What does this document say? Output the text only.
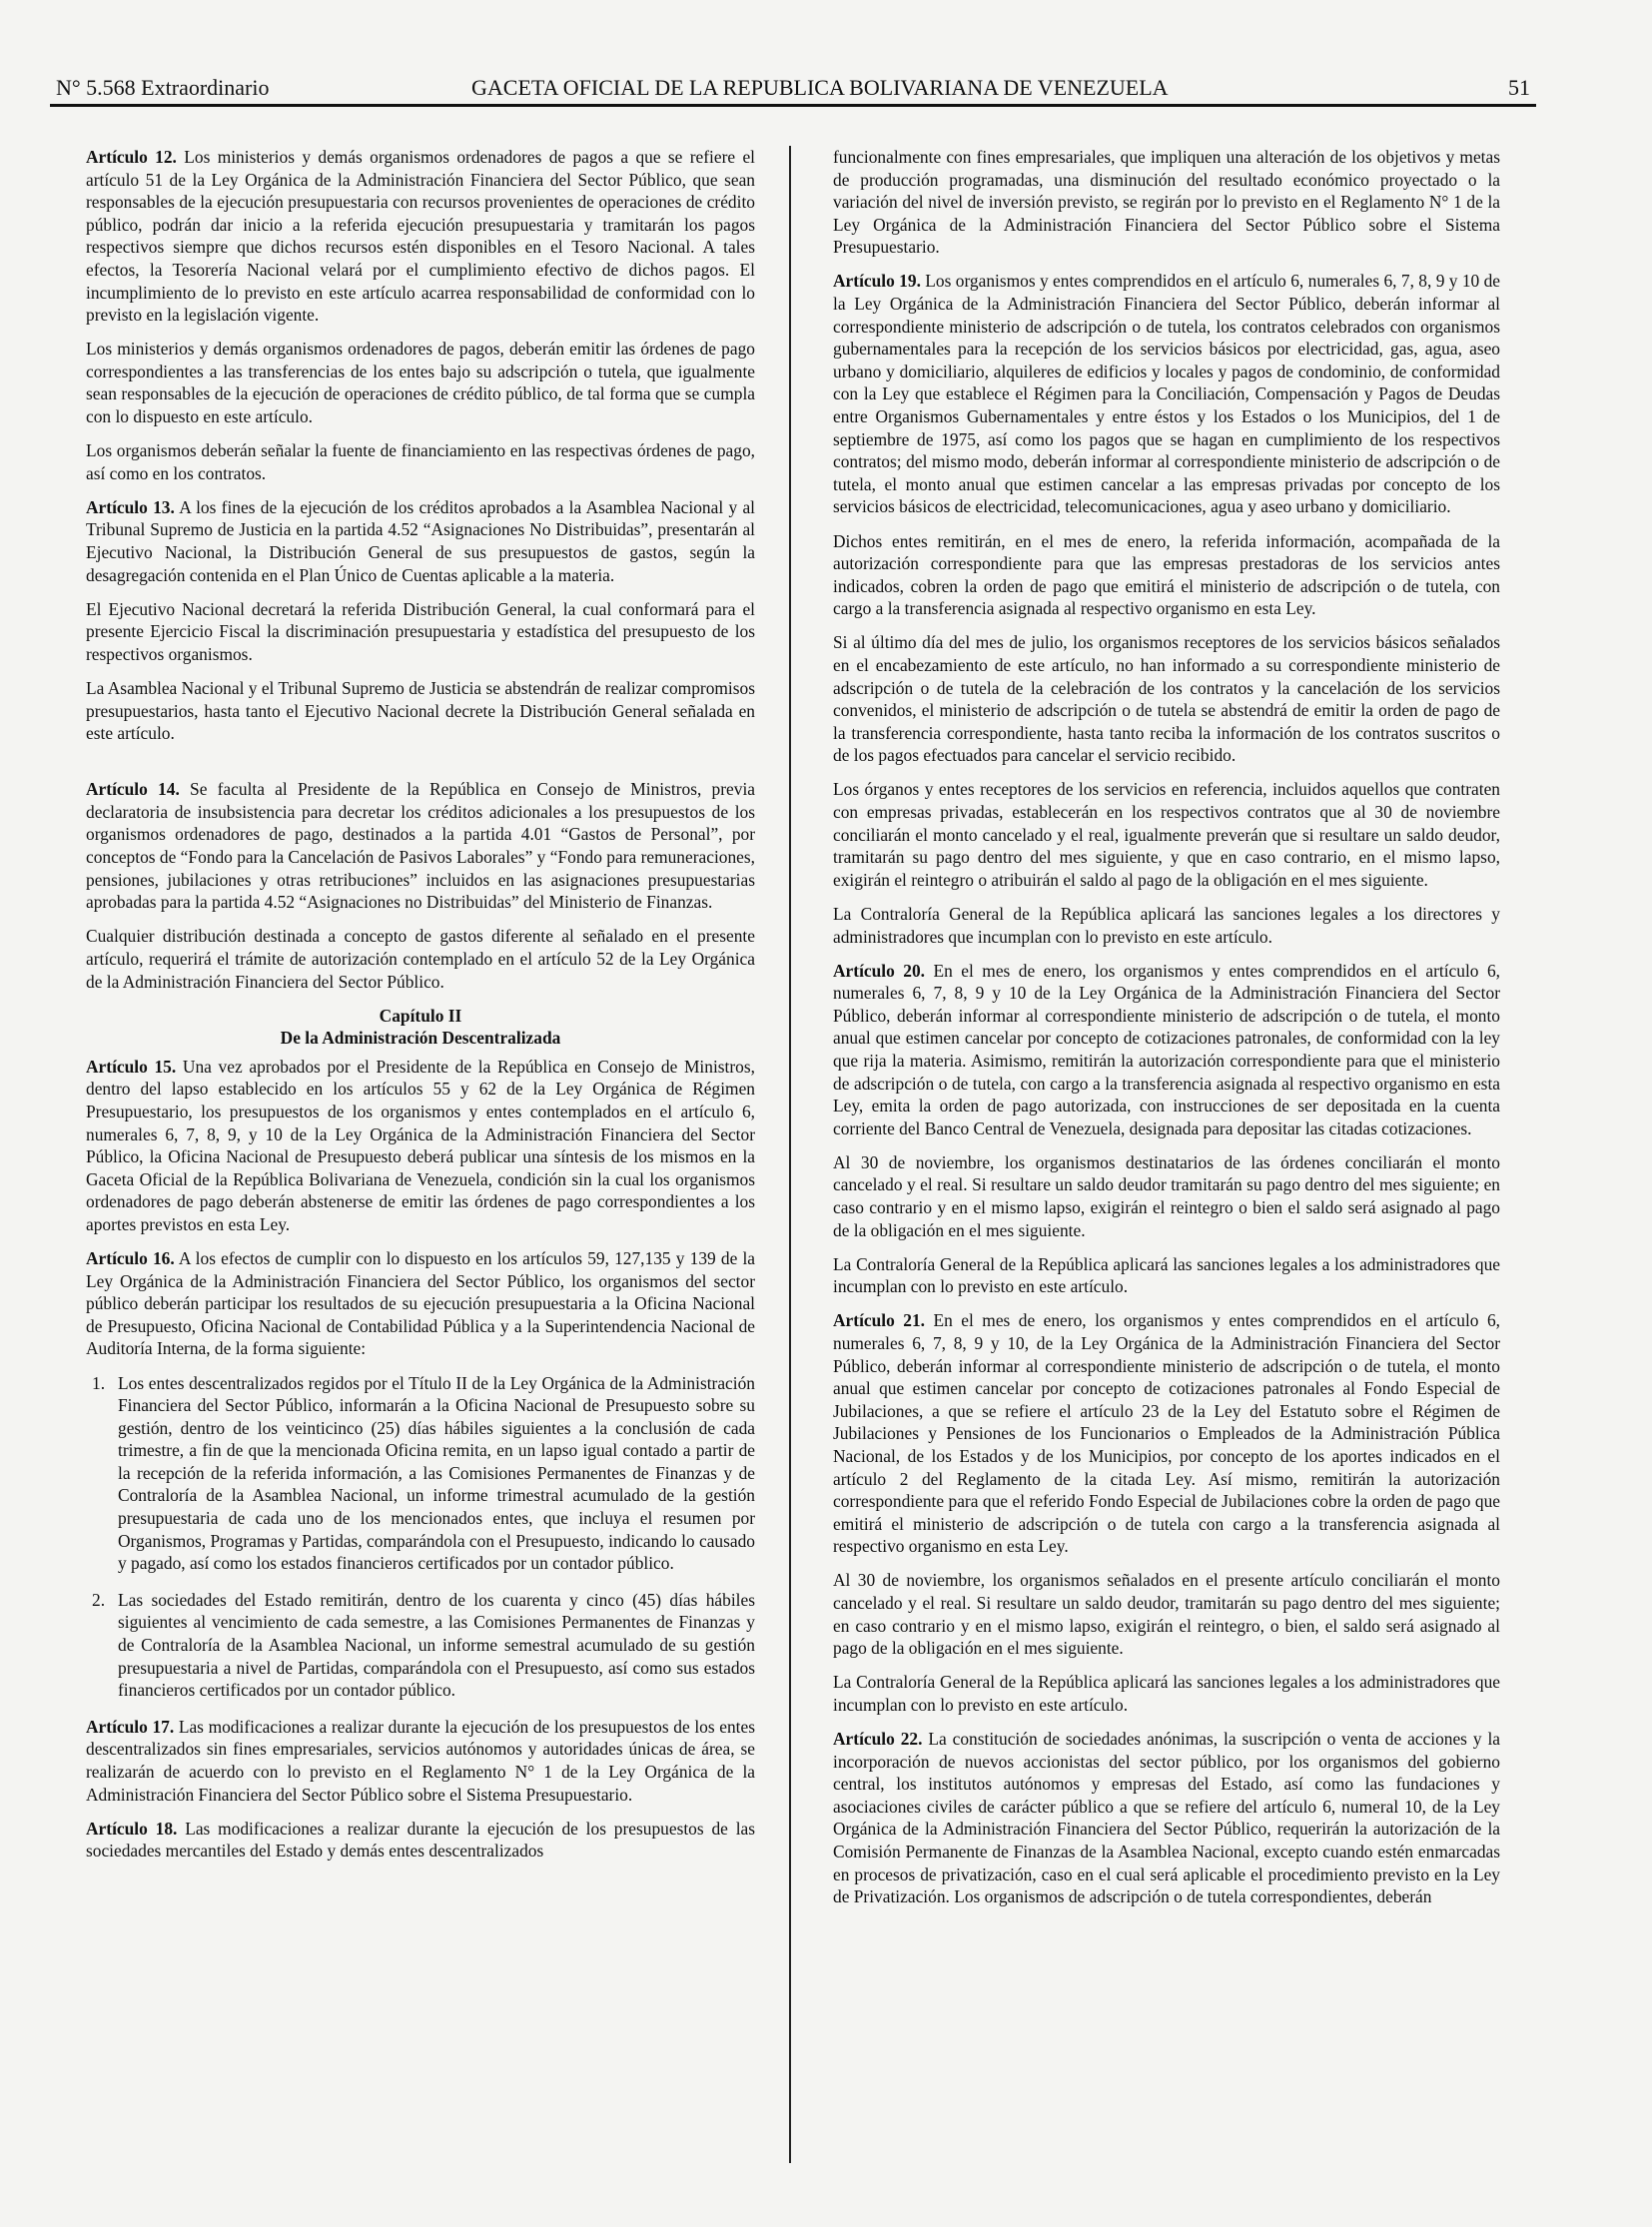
N° 5.568 Extraordinario	GACETA OFICIAL DE LA REPUBLICA BOLIVARIANA DE VENEZUELA	51

Artículo 12. Los ministerios y demás organismos ordenadores de pagos a que se refiere el artículo 51 de la Ley Orgánica de la Administración Financiera del Sector Público, que sean responsables de la ejecución presupuestaria con recursos provenientes de operaciones de crédito público, podrán dar inicio a la referida ejecución presupuestaria y tramitarán los pagos respectivos siempre que dichos recursos estén disponibles en el Tesoro Nacional. A tales efectos, la Tesorería Nacional velará por el cumplimiento efectivo de dichos pagos. El incumplimiento de lo previsto en este artículo acarrea responsabilidad de conformidad con lo previsto en la legislación vigente.

Los ministerios y demás organismos ordenadores de pagos, deberán emitir las órdenes de pago correspondientes a las transferencias de los entes bajo su adscripción o tutela, que igualmente sean responsables de la ejecución de operaciones de crédito público, de tal forma que se cumpla con lo dispuesto en este artículo.

Los organismos deberán señalar la fuente de financiamiento en las respectivas órdenes de pago, así como en los contratos.

Artículo 13. A los fines de la ejecución de los créditos aprobados a la Asamblea Nacional y al Tribunal Supremo de Justicia en la partida 4.52 “Asignaciones No Distribuidas”, presentarán al Ejecutivo Nacional, la Distribución General de sus presupuestos de gastos, según la desagregación contenida en el Plan Único de Cuentas aplicable a la materia.

El Ejecutivo Nacional decretará la referida Distribución General, la cual conformará para el presente Ejercicio Fiscal la discriminación presupuestaria y estadística del presupuesto de los respectivos organismos.

La Asamblea Nacional y el Tribunal Supremo de Justicia se abstendrán de realizar compromisos presupuestarios, hasta tanto el Ejecutivo Nacional decrete la Distribución General señalada en este artículo.

Artículo 14. Se faculta al Presidente de la República en Consejo de Ministros, previa declaratoria de insubsistencia para decretar los créditos adicionales a los presupuestos de los organismos ordenadores de pago, destinados a la partida 4.01 “Gastos de Personal”, por conceptos de “Fondo para la Cancelación de Pasivos Laborales” y “Fondo para remuneraciones, pensiones, jubilaciones y otras retribuciones” incluidos en las asignaciones presupuestarias aprobadas para la partida 4.52 “Asignaciones no Distribuidas” del Ministerio de Finanzas.

Cualquier distribución destinada a concepto de gastos diferente al señalado en el presente artículo, requerirá el trámite de autorización contemplado en el artículo 52 de la Ley Orgánica de la Administración Financiera del Sector Público.

Capítulo II
De la Administración Descentralizada

Artículo 15. Una vez aprobados por el Presidente de la República en Consejo de Ministros, dentro del lapso establecido en los artículos 55 y 62 de la Ley Orgánica de Régimen Presupuestario, los presupuestos de los organismos y entes contemplados en el artículo 6, numerales 6, 7, 8, 9, y 10 de la Ley Orgánica de la Administración Financiera del Sector Público, la Oficina Nacional de Presupuesto deberá publicar una síntesis de los mismos en la Gaceta Oficial de la República Bolivariana de Venezuela, condición sin la cual los organismos ordenadores de pago deberán abstenerse de emitir las órdenes de pago correspondientes a los aportes previstos en esta Ley.

Artículo 16. A los efectos de cumplir con lo dispuesto en los artículos 59, 127,135 y 139 de la Ley Orgánica de la Administración Financiera del Sector Público, los organismos del sector público deberán participar los resultados de su ejecución presupuestaria a la Oficina Nacional de Presupuesto, Oficina Nacional de Contabilidad Pública y a la Superintendencia Nacional de Auditoría Interna, de la forma siguiente:

1. Los entes descentralizados regidos por el Título II de la Ley Orgánica de la Administración Financiera del Sector Público, informarán a la Oficina Nacional de Presupuesto sobre su gestión, dentro de los veinticinco (25) días hábiles siguientes a la conclusión de cada trimestre, a fin de que la mencionada Oficina remita, en un lapso igual contado a partir de la recepción de la referida información, a las Comisiones Permanentes de Finanzas y de Contraloría de la Asamblea Nacional, un informe trimestral acumulado de la gestión presupuestaria de cada uno de los mencionados entes, que incluya el resumen por Organismos, Programas y Partidas, comparándola con el Presupuesto, indicando lo causado y pagado, así como los estados financieros certificados por un contador público.
2. Las sociedades del Estado remitirán, dentro de los cuarenta y cinco (45) días hábiles siguientes al vencimiento de cada semestre, a las Comisiones Permanentes de Finanzas y de Contraloría de la Asamblea Nacional, un informe semestral acumulado de su gestión presupuestaria a nivel de Partidas, comparándola con el Presupuesto, así como sus estados financieros certificados por un contador público.

Artículo 17. Las modificaciones a realizar durante la ejecución de los presupuestos de los entes descentralizados sin fines empresariales, servicios autónomos y autoridades únicas de área, se realizarán de acuerdo con lo previsto en el Reglamento N° 1 de la Ley Orgánica de la Administración Financiera del Sector Público sobre el Sistema Presupuestario.

Artículo 18. Las modificaciones a realizar durante la ejecución de los presupuestos de las sociedades mercantiles del Estado y demás entes descentralizados

funcionalmente con fines empresariales, que impliquen una alteración de los objetivos y metas de producción programadas, una disminución del resultado económico proyectado o la variación del nivel de inversión previsto, se regirán por lo previsto en el Reglamento N° 1 de la Ley Orgánica de la Administración Financiera del Sector Público sobre el Sistema Presupuestario.

Artículo 19. Los organismos y entes comprendidos en el artículo 6, numerales 6, 7, 8, 9 y 10 de la Ley Orgánica de la Administración Financiera del Sector Público, deberán informar al correspondiente ministerio de adscripción o de tutela, los contratos celebrados con organismos gubernamentales para la recepción de los servicios básicos por electricidad, gas, agua, aseo urbano y domiciliario, alquileres de edificios y locales y pagos de condominio, de conformidad con la Ley que establece el Régimen para la Conciliación, Compensación y Pagos de Deudas entre Organismos Gubernamentales y entre éstos y los Estados o los Municipios, del 1 de septiembre de 1975, así como los pagos que se hagan en cumplimiento de los respectivos contratos; del mismo modo, deberán informar al correspondiente ministerio de adscripción o de tutela, el monto anual que estimen cancelar a las empresas privadas por concepto de los servicios básicos de electricidad, telecomunicaciones, agua y aseo urbano y domiciliario.

Dichos entes remitirán, en el mes de enero, la referida información, acompañada de la autorización correspondiente para que las empresas prestadoras de los servicios antes indicados, cobren la orden de pago que emitirá el ministerio de adscripción o de tutela, con cargo a la transferencia asignada al respectivo organismo en esta Ley.

Si al último día del mes de julio, los organismos receptores de los servicios básicos señalados en el encabezamiento de este artículo, no han informado a su correspondiente ministerio de adscripción o de tutela de la celebración de los contratos y la cancelación de los servicios convenidos, el ministerio de adscripción o de tutela se abstendrá de emitir la orden de pago de la transferencia correspondiente, hasta tanto reciba la información de los contratos suscritos o de los pagos efectuados para cancelar el servicio recibido.

Los órganos y entes receptores de los servicios en referencia, incluidos aquellos que contraten con empresas privadas, establecerán en los respectivos contratos que al 30 de noviembre conciliarán el monto cancelado y el real, igualmente preverán que si resultare un saldo deudor, tramitarán su pago dentro del mes siguiente, y que en caso contrario, en el mismo lapso, exigirán el reintegro o atribuirán el saldo al pago de la obligación en el mes siguiente.

La Contraloría General de la República aplicará las sanciones legales a los directores y administradores que incumplan con lo previsto en este artículo.

Artículo 20. En el mes de enero, los organismos y entes comprendidos en el artículo 6, numerales 6, 7, 8, 9 y 10 de la Ley Orgánica de la Administración Financiera del Sector Público, deberán informar al correspondiente ministerio de adscripción o de tutela, el monto anual que estimen cancelar por concepto de cotizaciones patronales, de conformidad con la ley que rija la materia. Asimismo, remitirán la autorización correspondiente para que el ministerio de adscripción o de tutela, con cargo a la transferencia asignada al respectivo organismo en esta Ley, emita la orden de pago autorizada, con instrucciones de ser depositada en la cuenta corriente del Banco Central de Venezuela, designada para depositar las citadas cotizaciones.

Al 30 de noviembre, los organismos destinatarios de las órdenes conciliarán el monto cancelado y el real. Si resultare un saldo deudor tramitarán su pago dentro del mes siguiente; en caso contrario y en el mismo lapso, exigirán el reintegro o bien el saldo será asignado al pago de la obligación en el mes siguiente.

La Contraloría General de la República aplicará las sanciones legales a los administradores que incumplan con lo previsto en este artículo.

Artículo 21. En el mes de enero, los organismos y entes comprendidos en el artículo 6, numerales 6, 7, 8, 9 y 10, de la Ley Orgánica de la Administración Financiera del Sector Público, deberán informar al correspondiente ministerio de adscripción o de tutela, el monto anual que estimen cancelar por concepto de cotizaciones patronales al Fondo Especial de Jubilaciones, a que se refiere el artículo 23 de la Ley del Estatuto sobre el Régimen de Jubilaciones y Pensiones de los Funcionarios o Empleados de la Administración Pública Nacional, de los Estados y de los Municipios, por concepto de los aportes indicados en el artículo 2 del Reglamento de la citada Ley. Así mismo, remitirán la autorización correspondiente para que el referido Fondo Especial de Jubilaciones cobre la orden de pago que emitirá el ministerio de adscripción o de tutela con cargo a la transferencia asignada al respectivo organismo en esta Ley.

Al 30 de noviembre, los organismos señalados en el presente artículo conciliarán el monto cancelado y el real. Si resultare un saldo deudor, tramitarán su pago dentro del mes siguiente; en caso contrario y en el mismo lapso, exigirán el reintegro, o bien, el saldo será asignado al pago de la obligación en el mes siguiente.

La Contraloría General de la República aplicará las sanciones legales a los administradores que incumplan con lo previsto en este artículo.

Artículo 22. La constitución de sociedades anónimas, la suscripción o venta de acciones y la incorporación de nuevos accionistas del sector público, por los organismos del gobierno central, los institutos autónomos y empresas del Estado, así como las fundaciones y asociaciones civiles de carácter público a que se refiere del artículo 6, numeral 10, de la Ley Orgánica de la Administración Financiera del Sector Público, requerirán la autorización de la Comisión Permanente de Finanzas de la Asamblea Nacional, excepto cuando estén enmarcadas en procesos de privatización, caso en el cual será aplicable el procedimiento previsto en la Ley de Privatización. Los organismos de adscripción o de tutela correspondientes, deberán
